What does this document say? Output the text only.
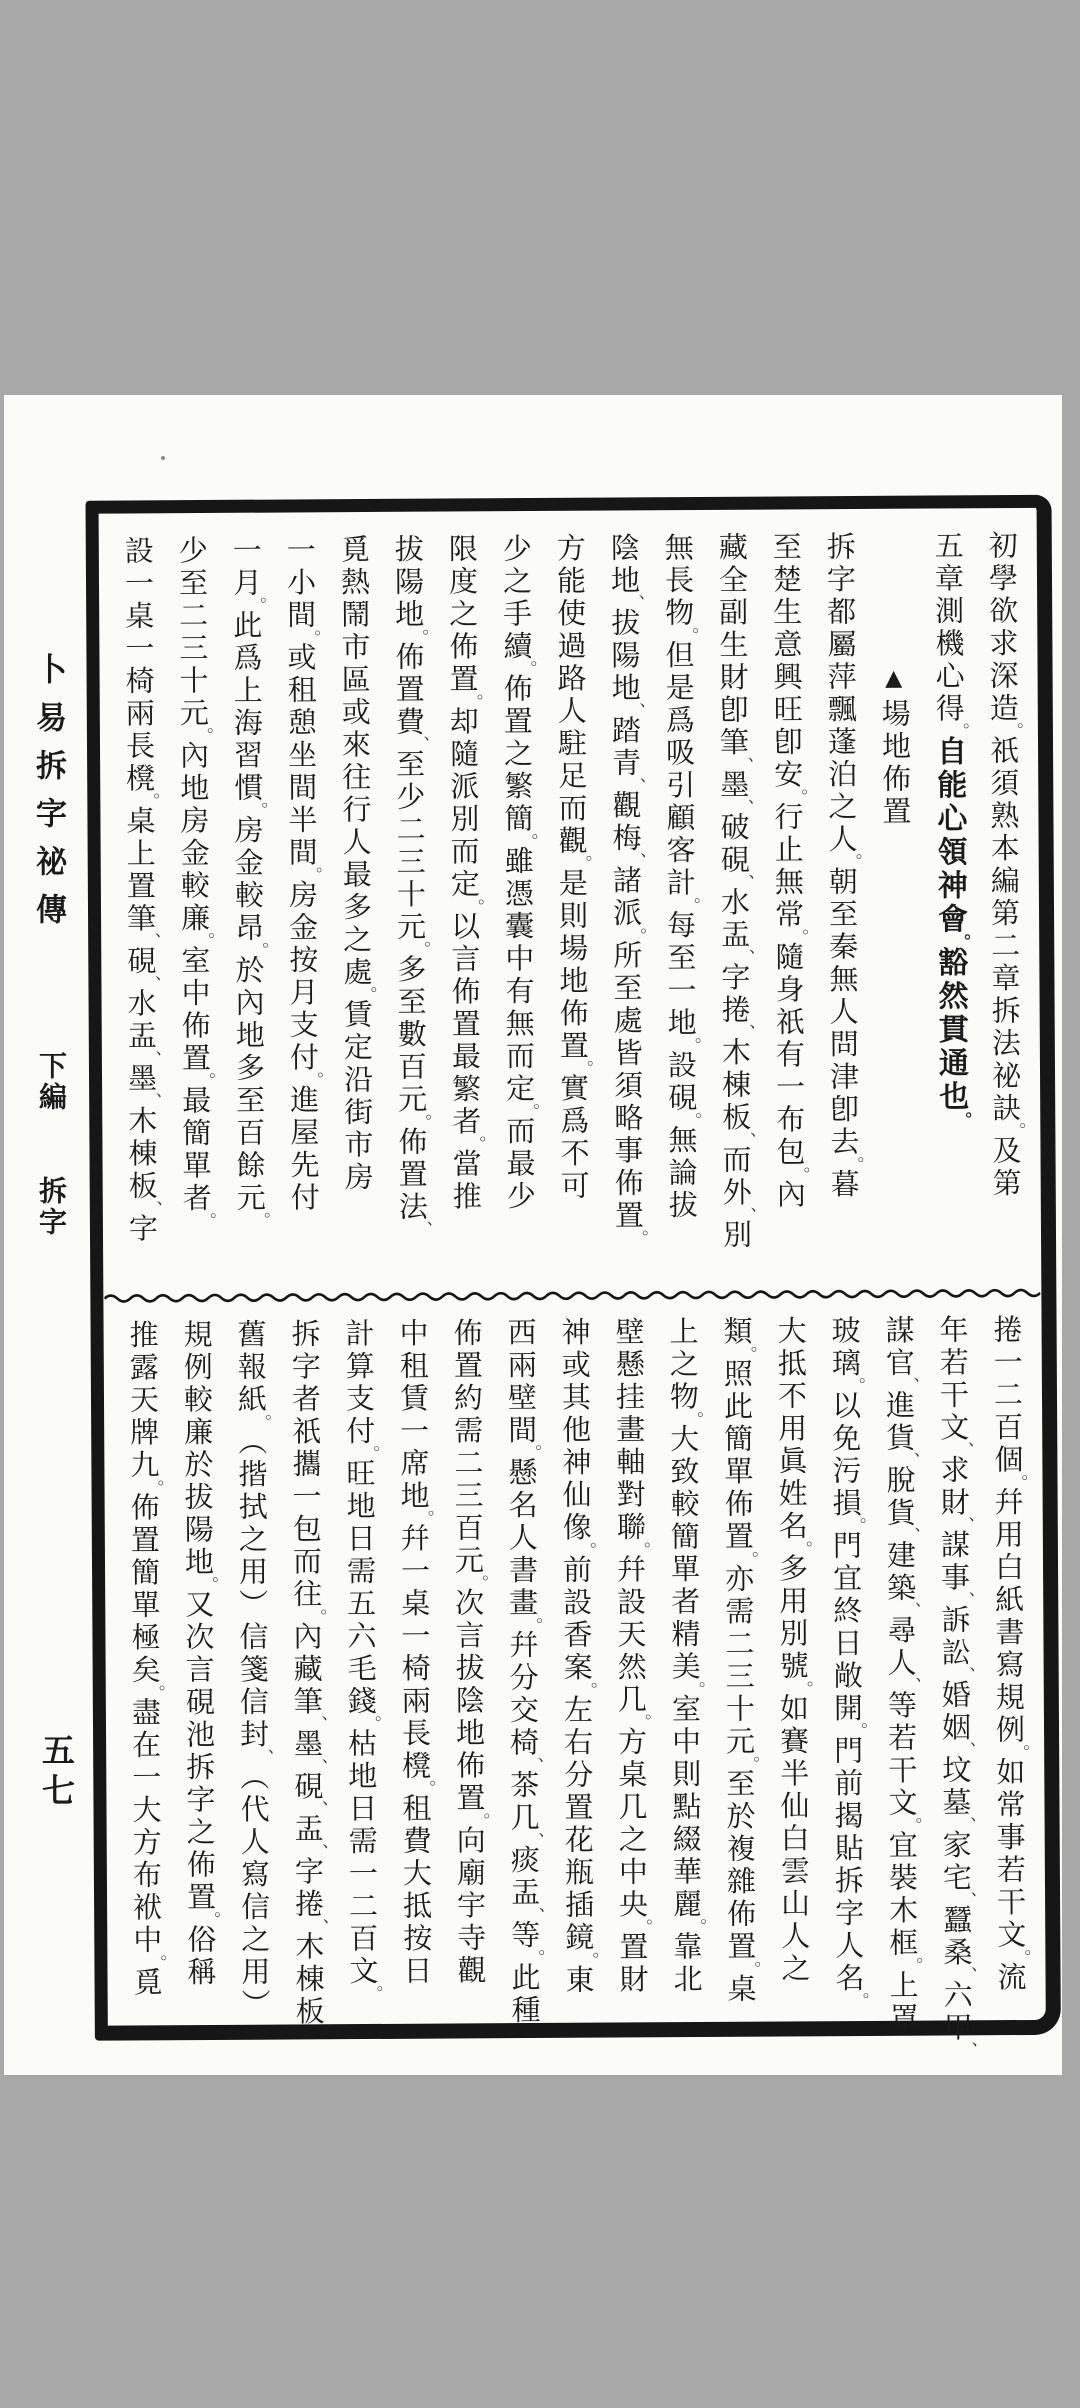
卜易拆字祕傳
下編
拆字
五七
初學欲求深造。祇須熟本編第二章拆法祕訣。及第
五章測機心得。自能心領神會。豁然貫通也。
▲場地佈置
拆字都屬萍飄蓬泊之人。朝至秦無人問津卽去。暮
至楚生意興旺卽安。行止無常。隨身祇有一布包。內
藏全副生財卽筆、墨、破硯、水盂、字捲、木棟板、而外、別
無長物。但是爲吸引顧客計。每至一地。設硯。無論拔
陰地、拔陽地、踏青、觀梅、諸派。所至處皆須略事佈置。
方能使過路人駐足而觀。是則場地佈置。實爲不可
少之手續。佈置之繁簡。雖憑囊中有無而定。而最少
限度之佈置。却隨派別而定。以言佈置最繁者。當推
拔陽地。佈置費、至少二三十元。多至數百元。佈置法、
覓熱鬧市區或來往行人最多之處。賃定沿街市房
一小間。或租憩坐間半間。房金按月支付。進屋先付
一月。此爲上海習慣。房金較昂。於內地多至百餘元。
少至二三十元。內地房金較廉。室中佈置。最簡單者。
設一桌一椅兩長櫈。桌上置筆、硯、水盂、墨、木棟板、字
捲一二百個。幷用白紙書寫規例。如常事若干文。流
年若干文、求財、謀事、訴訟、婚姻、坟墓、家宅、蠶桑、六甲、
謀官、進貨、脫貨、建築、尋人、等若干文。宜裝木框。上罩
玻璃。以免污損。門宜終日敞開。門前揭貼拆字人名。
大抵不用眞姓名。多用別號。如賽半仙白雲山人之
類。照此簡單佈置。亦需二三十元。至於複雜佈置。桌
上之物。大致較簡單者精美。室中則點綴華麗。靠北
壁懸挂畫軸對聯。幷設天然几。方桌几之中央。置財
神或其他神仙像。前設香案。左右分置花瓶插鏡。東
西兩壁間。懸名人書畫。幷分交椅、茶几、痰盂、等。此種
佈置約需二三百元。次言拔陰地佈置。向廟宇寺觀
中租賃一席地。幷一桌一椅兩長櫈。租費大抵按日
計算支付。旺地日需五六毛錢。枯地日需一二百文。
拆字者祇攜一包而往。內藏筆、墨、硯、盂、字捲、木棟板、
舊報紙。（揩拭之用）信箋信封、（代人寫信之用）
規例較廉於拔陽地。又次言硯池拆字之佈置。俗稱
推露天牌九。佈置簡單極矣。盡在一大方布袱中。覓
